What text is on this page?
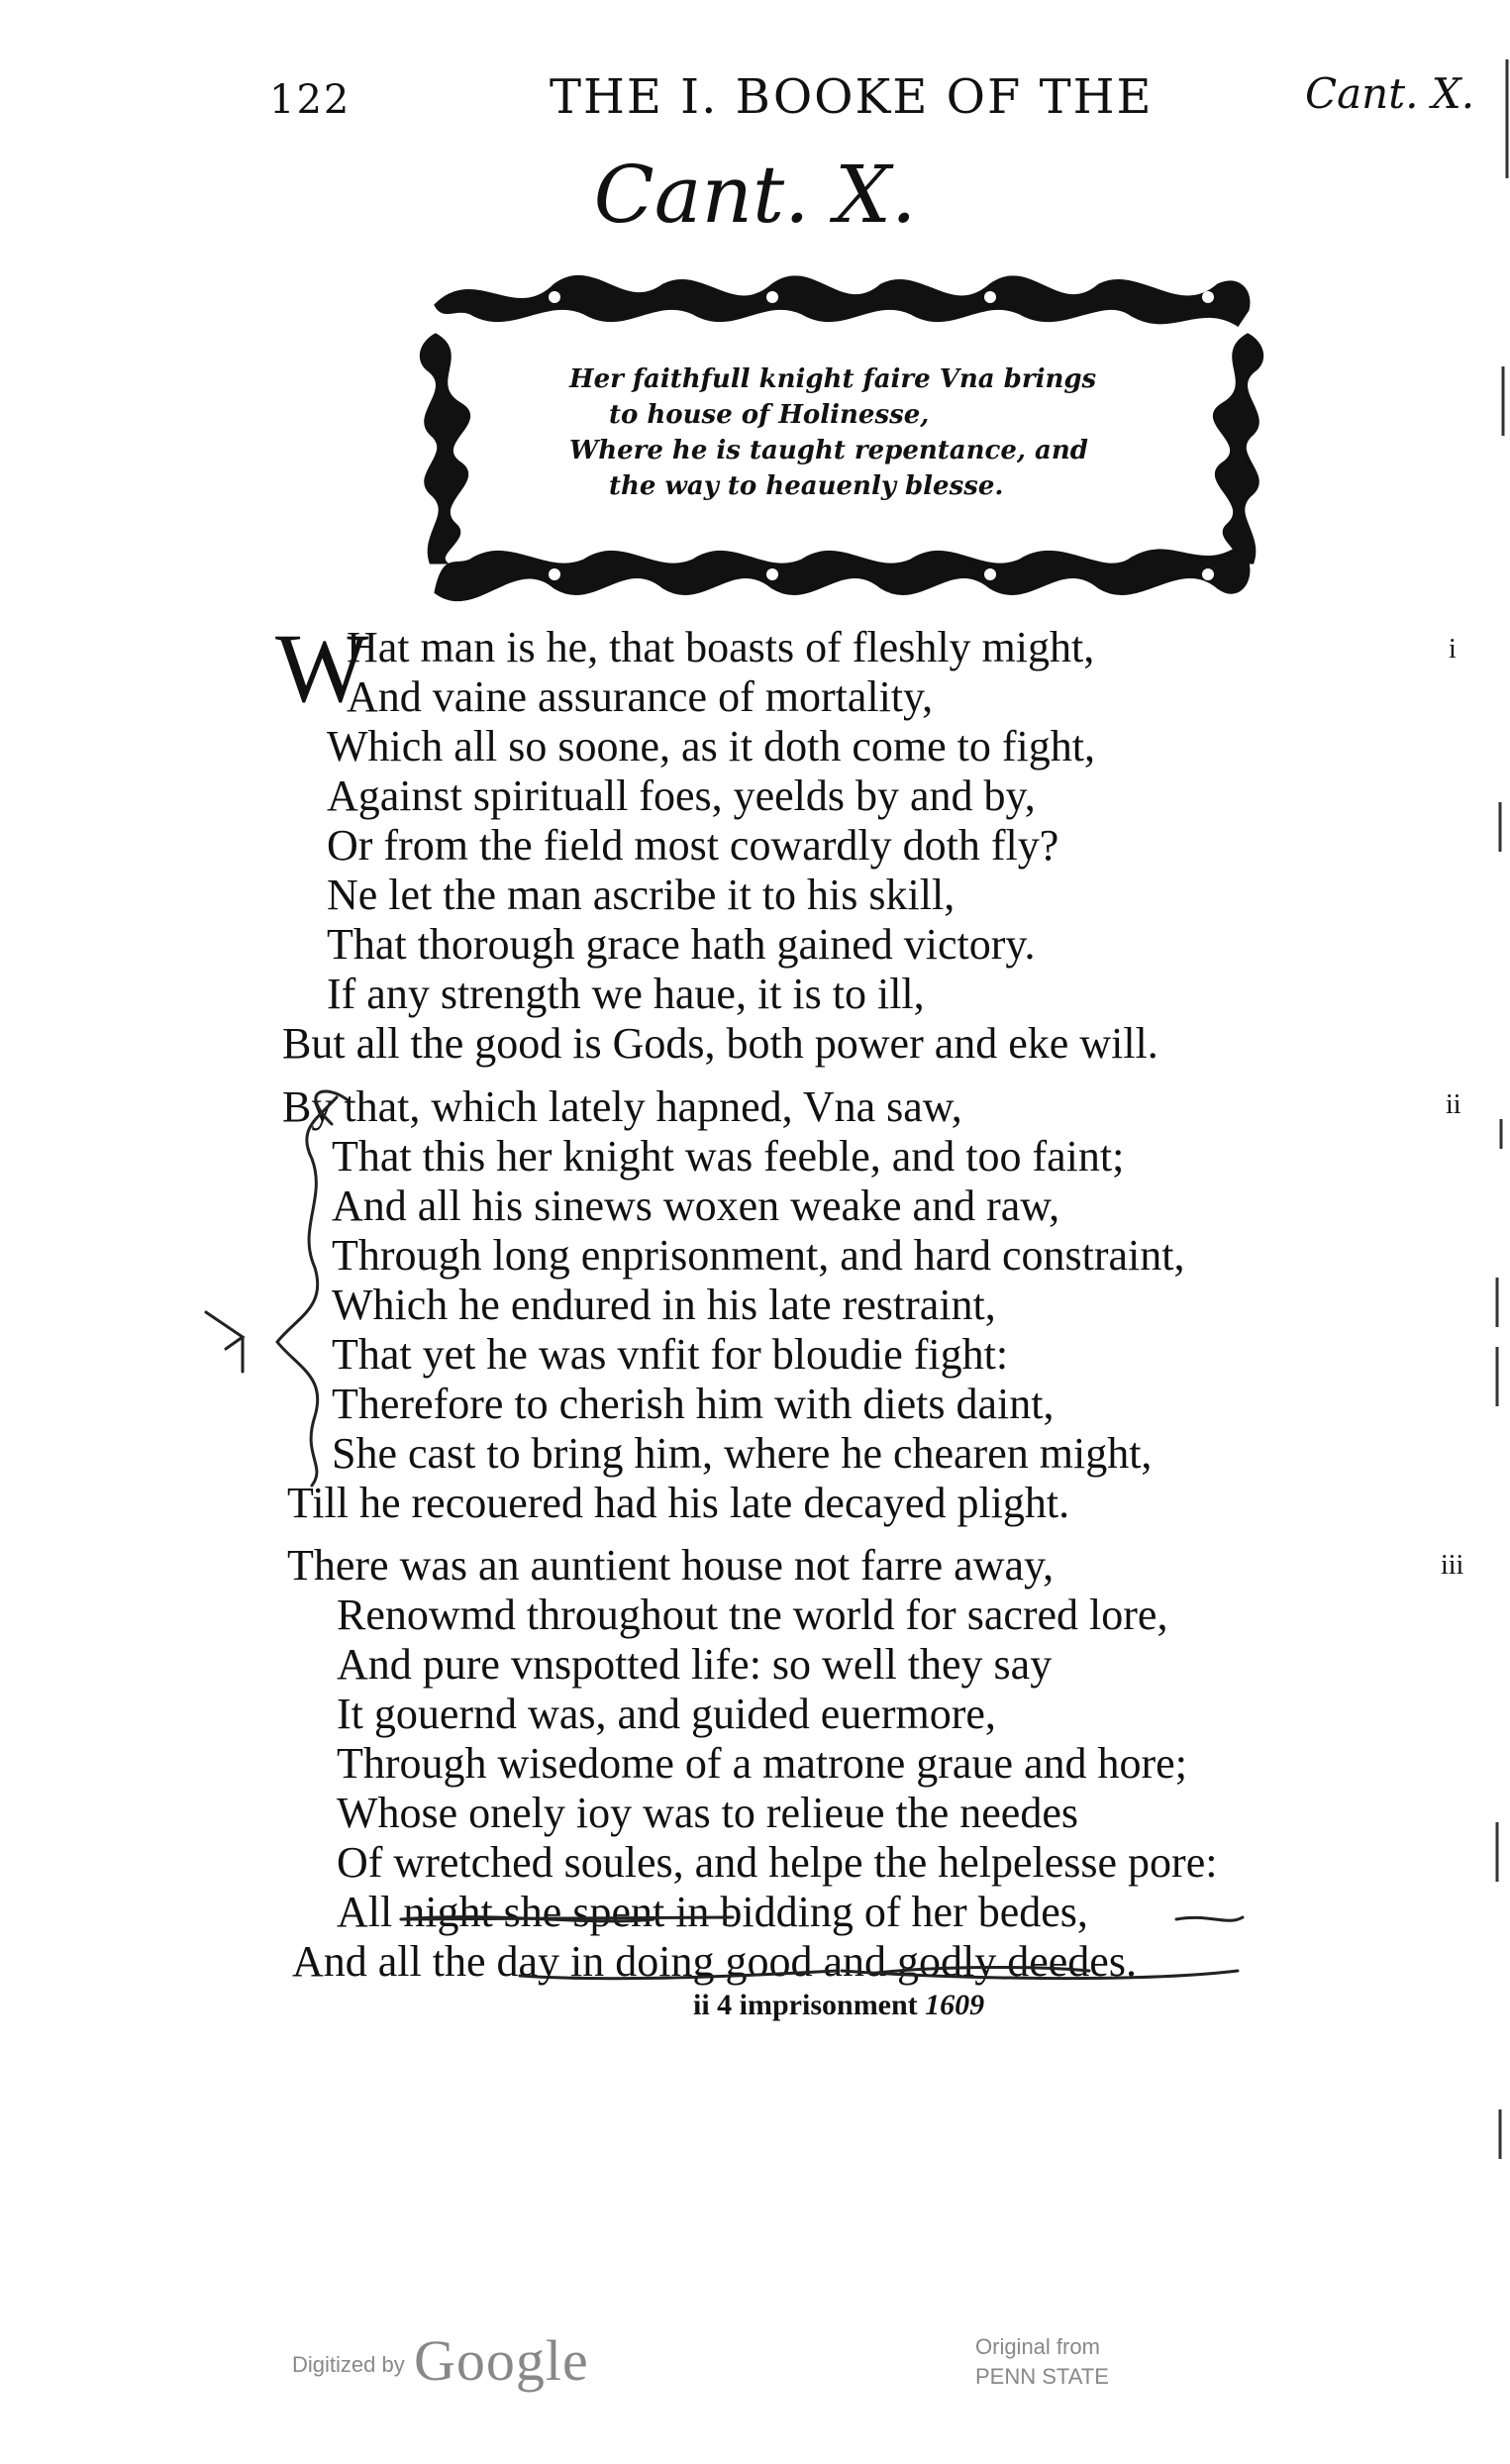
122	THE I. BOOKE OF THE	Cant. X.
Cant. X.
Her faithfull knight faire Vna brings
to house of Holinesse,
Where he is taught repentance, and
the way to heauenly blesse.
i
W
Hat man is he, that boasts of fleshly might,
And vaine assurance of mortality,
Which all so soone, as it doth come to fight,
Against spirituall foes, yeelds by and by,
Or from the field most cowardly doth fly?
Ne let the man ascribe it to his skill,
That thorough grace hath gained victory.
If any strength we haue, it is to ill,
But all the good is Gods, both power and eke will.
ii
By that, which lately hapned, Vna saw,
That this her knight was feeble, and too faint;
And all his sinews woxen weake and raw,
Through long enprisonment, and hard constraint,
Which he endured in his late restraint,
That yet he was vnfit for bloudie fight:
Therefore to cherish him with diets daint,
She cast to bring him, where he chearen might,
Till he recouered had his late decayed plight.
iii
There was an auntient house not farre away,
Renowmd throughout tne world for sacred lore,
And pure vnspotted life: so well they say
It gouernd was, and guided euermore,
Through wisedome of a matrone graue and hore;
Whose onely ioy was to relieue the needes
Of wretched soules, and helpe the helpelesse pore:
All night she spent in bidding of her bedes,
And all the day in doing good and godly deedes.
ii 4 imprisonment 1609
Digitized by Google	Original from
PENN STATE
